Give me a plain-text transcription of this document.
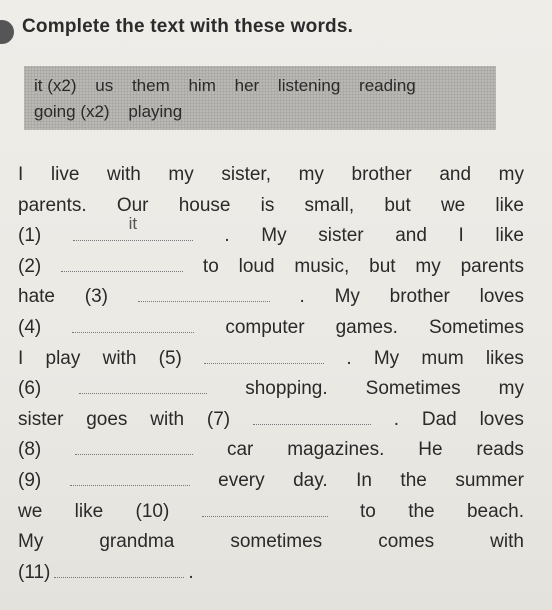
Complete the text with these words.
it (x2) us them him her listening reading
going (x2) playing
I live with my sister, my brother and my
parents. Our house is small, but we like
(1)
it
. My sister and I like
(2)	to loud music, but my parents
hate (3)	. My brother loves
(4)	computer games. Sometimes
I play with (5)	. My mum likes
(6)	shopping. Sometimes my
sister goes with (7)	. Dad loves
(8)	car magazines. He reads
(9)	every day. In the summer
we like (10)	to the beach.
My	grandma	sometimes	comes	with
(11)	.
